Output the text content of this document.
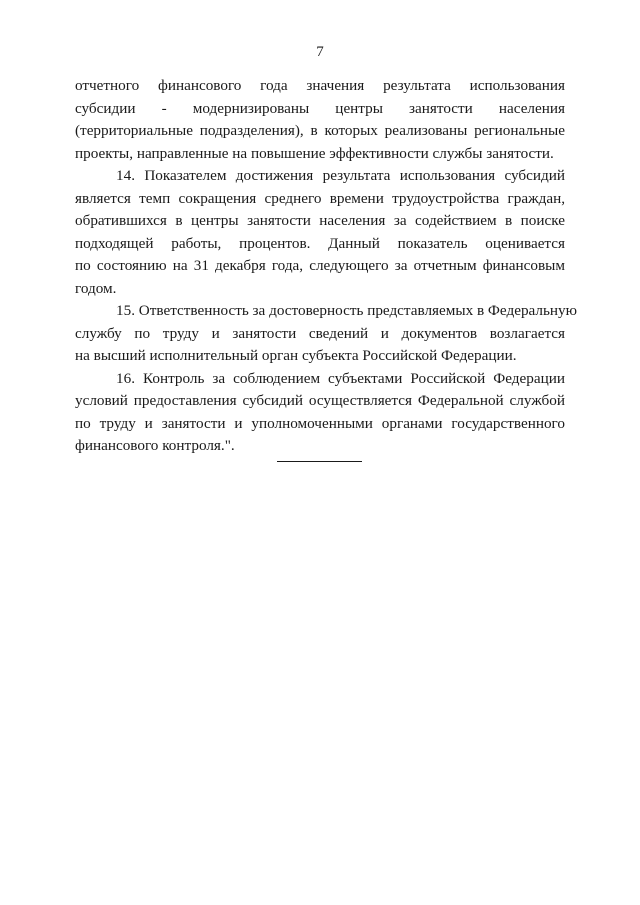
7

отчетного финансового года значения результата использования
субсидии - модернизированы центры занятости населения
(территориальные подразделения), в которых реализованы региональные
проекты, направленные на повышение эффективности службы занятости.

14. Показателем достижения результата использования субсидий
является темп сокращения среднего времени трудоустройства граждан,
обратившихся в центры занятости населения за содействием в поиске
подходящей работы, процентов. Данный показатель оценивается
по состоянию на 31 декабря года, следующего за отчетным финансовым
годом.

15. Ответственность за достоверность представляемых в Федеральную
службу по труду и занятости сведений и документов возлагается
на высший исполнительный орган субъекта Российской Федерации.

16. Контроль за соблюдением субъектами Российской Федерации
условий предоставления субсидий осуществляется Федеральной службой
по труду и занятости и уполномоченными органами государственного
финансового контроля.".
